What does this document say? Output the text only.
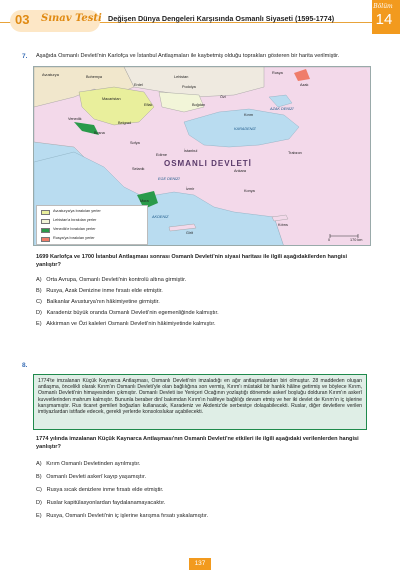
03 Sınav Testi Değişen Dünya Dengeleri Karşısında Osmanlı Siyaseti (1595-1774)
Bölüm
14
7. Aşağıda Osmanlı Devleti'nin Karlofça ve İstanbul Antlaşmaları ile kaybetmiş olduğu toprakları gösteren bir harita verilmiştir.
Avusturya	Bohemya	Lehistan
Rusya
Erdel	Podolya
Macaristan	Özi
Azak
Eflak	Boğdan
AZAK DENİZİ
Kırım
Venedik
Belgrad
Bosna
KARADENİZ
İstanbul
Sofya
Edirne
OSMANLI DEVLETİ
Trabzon
Selanik	Ankara
EGE DENİZİ
İzmir	Konya
Mora
AKDENİZ
Girit
Kıbrıs
Avusturya'ya bırakılan yerler
Lehistan'a bırakılan yerler
Venedik'e bırakılan yerler
Rusya'ya bırakılan yerler	0	170 km
1699 Karlofça ve 1700 İstanbul Antlaşması sonrası Osmanlı Devleti'nin siyasi haritası ile ilgili aşağıdakilerden hangisi yanlıştır?
A) Orta Avrupa, Osmanlı Devleti'nin kontrolü altına girmiştir.
B) Rusya, Azak Denizine inme fırsatı elde etmiştir.
C) Balkanlar Avusturya'nın hâkimiyetine girmiştir.
D) Karadeniz büyük oranda Osmanlı Devleti'nin egemenliğinde kalmıştır.
E) Akkirman ve Özi kaleleri Osmanlı Devleti'nin hâkimiyetinde kalmıştır.
8.
1774'te imzalanan Küçük Kaynarca Antlaşması, Osmanlı Devleti'nin imzaladığı en ağır antlaşmalardan biri olmuştur. 28 maddeden oluşan antlaşma, öncelikli olarak Kırım'ın Osmanlı Devleti'yle olan bağlılığına son vermiş, Kırım'ı müstakil bir hanlık hâline getirmiş ve böylece Kırım, Osmanlı Devleti'nin himayesinden çıkmıştır. Osmanlı Devleti ise Yeniçeri Ocağının yozlaştığı dönemde askerî boşluğu dolduran Kırım'ın askerî kuvvetlerinden mahrum kalmıştır. Bununla beraber dinî bakımdan Kırım'ın halifeye bağlılığı devam etmiş ve her iki devlet de Kırım'ın iç işlerine karışmamıştır. Rus ticaret gemileri boğazları kullanacak, Karadeniz ve Akdeniz'de serbestçe dolaşabilecekti. Ruslar, diğer devletlere verilen imtiyazlardan istifade edecek, gerekli yerlerde konsoloslukar açabilecekti.
1774 yılında imzalanan Küçük Kaynarca Antlaşması'nın Osmanlı Devleti'ne etkileri ile ilgili aşağıdaki verilenlerden hangisi yanlıştır?
A) Kırım Osmanlı Devletinden ayrılmıştır.
B) Osmanlı Devleti askerî kayıp yaşamıştır.
C) Rusya sıcak denizlere inme fırsatı elde etmiştir.
D) Ruslar kapitülasyonlardan faydalanamayacaktır.
E) Rusya, Osmanlı Devleti'nin iç işlerine karışma fırsatı yakalamıştır.
137
